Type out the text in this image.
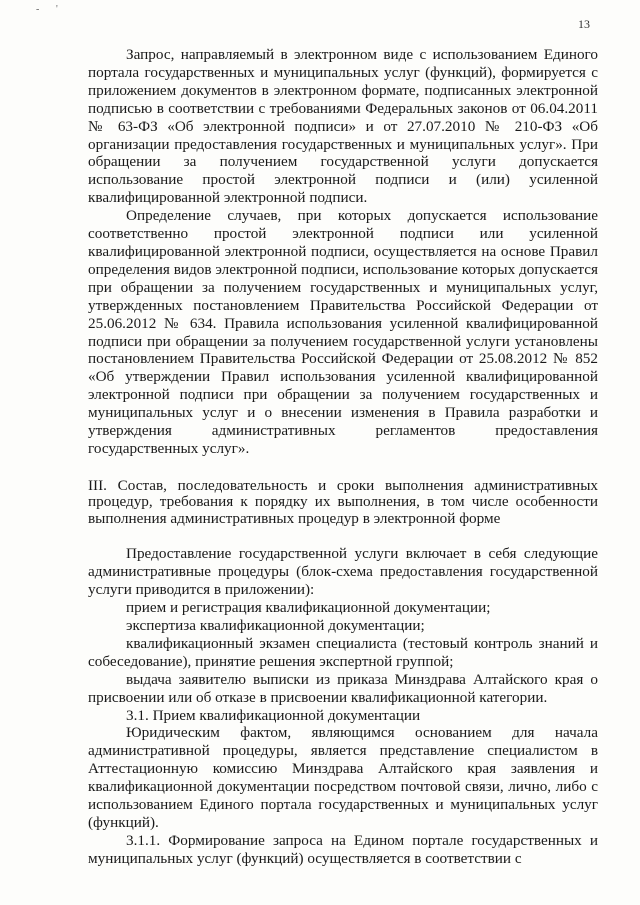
- '
13

Запрос, направляемый в электронном виде с использованием Единого портала государственных и муниципальных услуг (функций), формируется с приложением документов в электронном формате, подписанных электронной подписью в соответствии с требованиями Федеральных законов от 06.04.2011 № 63-ФЗ «Об электронной подписи» и от 27.07.2010 № 210-ФЗ «Об организации предоставления государственных и муниципальных услуг». При обращении за получением государственной услуги допускается использование простой электронной подписи и (или) усиленной квалифицированной электронной подписи.

Определение случаев, при которых допускается использование соответственно простой электронной подписи или усиленной квалифицированной электронной подписи, осуществляется на основе Правил определения видов электронной подписи, использование которых допускается при обращении за получением государственных и муниципальных услуг, утвержденных постановлением Правительства Российской Федерации от 25.06.2012 № 634. Правила использования усиленной квалифицированной подписи при обращении за получением государственной услуги установлены постановлением Правительства Российской Федерации от 25.08.2012 № 852 «Об утверждении Правил использования усиленной квалифицированной электронной подписи при обращении за получением государственных и муниципальных услуг и о внесении изменения в Правила разработки и утверждения административных регламентов предоставления государственных услуг».

III. Состав, последовательность и сроки выполнения административных процедур, требования к порядку их выполнения, в том числе особенности выполнения административных процедур в электронной форме

Предоставление государственной услуги включает в себя следующие административные процедуры (блок-схема предоставления государственной услуги приводится в приложении):

прием и регистрация квалификационной документации;

экспертиза квалификационной документации;

квалификационный экзамен специалиста (тестовый контроль знаний и собеседование), принятие решения экспертной группой;

выдача заявителю выписки из приказа Минздрава Алтайского края о присвоении или об отказе в присвоении квалификационной категории.

3.1. Прием квалификационной документации

Юридическим фактом, являющимся основанием для начала административной процедуры, является представление специалистом в Аттестационную комиссию Минздрава Алтайского края заявления и квалификационной документации посредством почтовой связи, лично, либо с использованием Единого портала государственных и муниципальных услуг (функций).

3.1.1. Формирование запроса на Едином портале государственных и муниципальных услуг (функций) осуществляется в соответствии с
